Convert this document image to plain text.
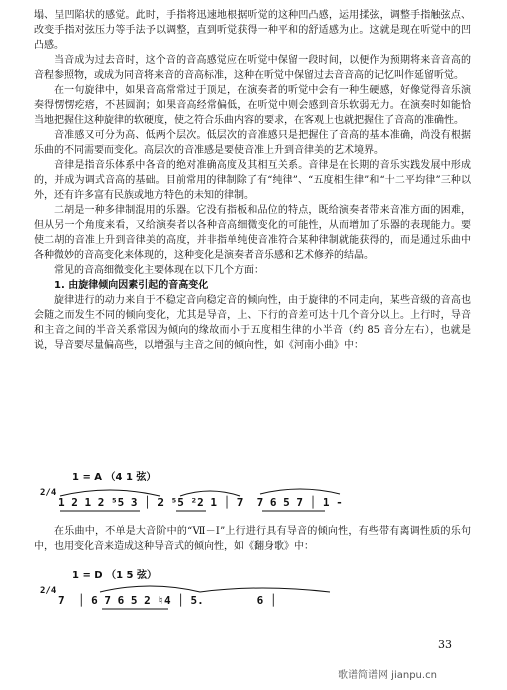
塌、呈凹陷状的感觉。此时，手指将迅速地根据听觉的这种凹凸感，运用揉弦，调整手指触弦点、改变手指对弦压力等手法予以调整，直到听觉获得一种平和的舒适感为止。这就是现在听觉中的凹凸感。

当音成为过去音时，这个音的音高感觉应在听觉中保留一段时间，以便作为预期将来音音高的音程参照物，或成为同音将来音的音高标准，这种在听觉中保留过去音音高的记忆叫作延留听觉。

在一句旋律中，如果音高常常过于顶足，在演奏者的听觉中会有一种生硬感，好像觉得音乐演奏得愣愣疙瘩，不甚圆润；如果音高经常偏低，在听觉中则会感到音乐软弱无力。在演奏时如能恰当地把握住这种旋律的软硬度，使之符合乐曲内容的要求，在客观上也就把握住了音高的准确性。

音准感又可分为高、低两个层次。低层次的音准感只是把握住了音高的基本准确，尚没有根据乐曲的不同需要而变化。高层次的音准感是要使音准上升到音律美的艺术境界。

音律是指音乐体系中各音的绝对准确高度及其相互关系。音律是在长期的音乐实践发展中形成的，并成为调式音高的基础。目前常用的律制除了有“纯律”、“五度相生律”和“十二平均律”三种以外，还有许多富有民族或地方特色的未知的律制。

二胡是一种多律制混用的乐器。它没有指板和品位的特点，既给演奏者带来音准方面的困难，但从另一个角度来看，又给演奏者以各种音高细微变化的可能性，从而增加了乐器的表现能力。要使二胡的音准上升到音律美的高度，并非指单纯使音准符合某种律制就能获得的，而是通过乐曲中各种微妙的音高变化来体现的，这种变化是演奏者音乐感和艺术修养的结晶。

常见的音高细微变化主要体现在以下几个方面：

1. 由旋律倾向因素引起的音高变化

旋律进行的动力来自于不稳定音向稳定音的倾向性，由于旋律的不同走向，某些音级的音高也会随之而发生不同的倾向变化，尤其是导音，上、下行的音差可达十几个音分以上。上行时，导音和主音之间的半音关系常因为倾向的缘故而小于五度相生律的小半音（约 85 音分左右），也就是说，导音要尽量偏高些，以增强与主音之间的倾向性，如《河南小曲》中：

1 = A （4 1 弦）
2/4
1 2 1 2 ⁵5 3 │ 2 ⁵5 ²2 1 │ 7  7 6 5 7 │ 1 -

在乐曲中，不单是大音阶中的“Ⅶ－Ⅰ”上行进行具有导音的倾向性，有些带有离调性质的乐句中，也用变化音来造成这种导音式的倾向性，如《翻身歌》中：

1 = D （1 5 弦）
2/4
7  │ 6 7 6 5 2 ♮4 │ 5.        6 │
33
歌谱简谱网 jianpu.cn
